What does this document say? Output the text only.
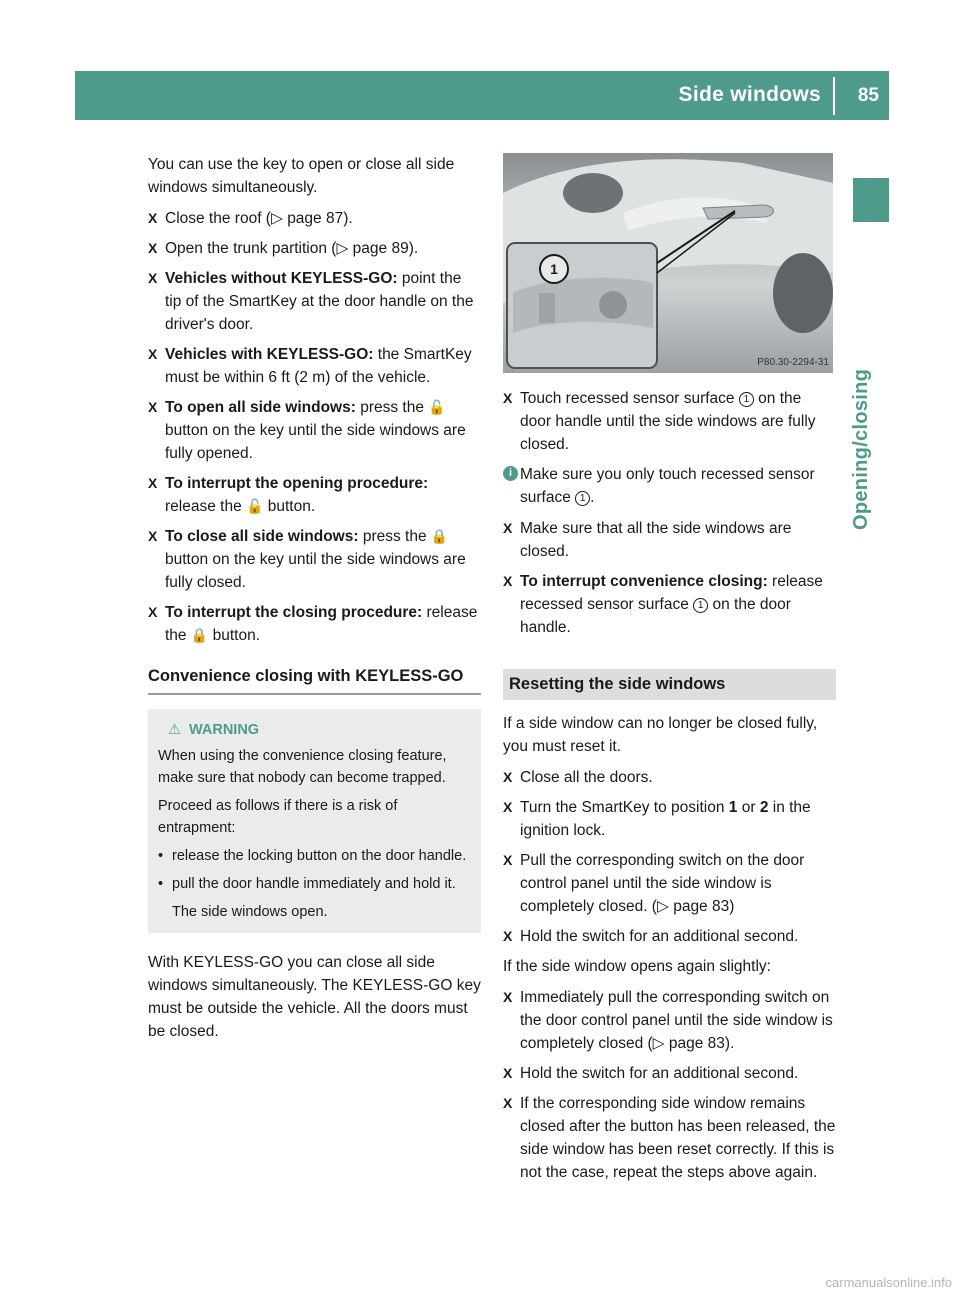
Side windows 85
Opening/closing

You can use the key to open or close all side windows simultaneously.

X Close the roof (▷ page 87).
X Open the trunk partition (▷ page 89).
X Vehicles without KEYLESS-GO: point the tip of the SmartKey at the door handle on the driver's door.
X Vehicles with KEYLESS-GO: the SmartKey must be within 6 ft (2 m) of the vehicle.
X To open all side windows: press the 🔓 button on the key until the side windows are fully opened.
X To interrupt the opening procedure: release the 🔓 button.
X To close all side windows: press the 🔒 button on the key until the side windows are fully closed.
X To interrupt the closing procedure: release the 🔒 button.
Convenience closing with KEYLESS-GO
⚠ WARNING

When using the convenience closing feature, make sure that nobody can become trapped.

Proceed as follows if there is a risk of entrapment:

• release the locking button on the door handle.
• pull the door handle immediately and hold it.
The side windows open.

With KEYLESS-GO you can close all side windows simultaneously. The KEYLESS-GO key must be outside the vehicle. All the doors must be closed.

1
P80.30-2294-31
X Touch recessed sensor surface 1 on the door handle until the side windows are fully closed.
i Make sure you only touch recessed sensor surface 1 .
X Make sure that all the side windows are closed.
X To interrupt convenience closing: release recessed sensor surface 1 on the door handle.
Resetting the side windows

If a side window can no longer be closed fully, you must reset it.

X Close all the doors.
X Turn the SmartKey to position 1 or 2 in the ignition lock.
X Pull the corresponding switch on the door control panel until the side window is completely closed. (▷ page 83)
X Hold the switch for an additional second.

If the side window opens again slightly:

X Immediately pull the corresponding switch on the door control panel until the side window is completely closed (▷ page 83).
X Hold the switch for an additional second.
X If the corresponding side window remains closed after the button has been released, the side window has been reset correctly. If this is not the case, repeat the steps above again.
carmanualsonline.info
